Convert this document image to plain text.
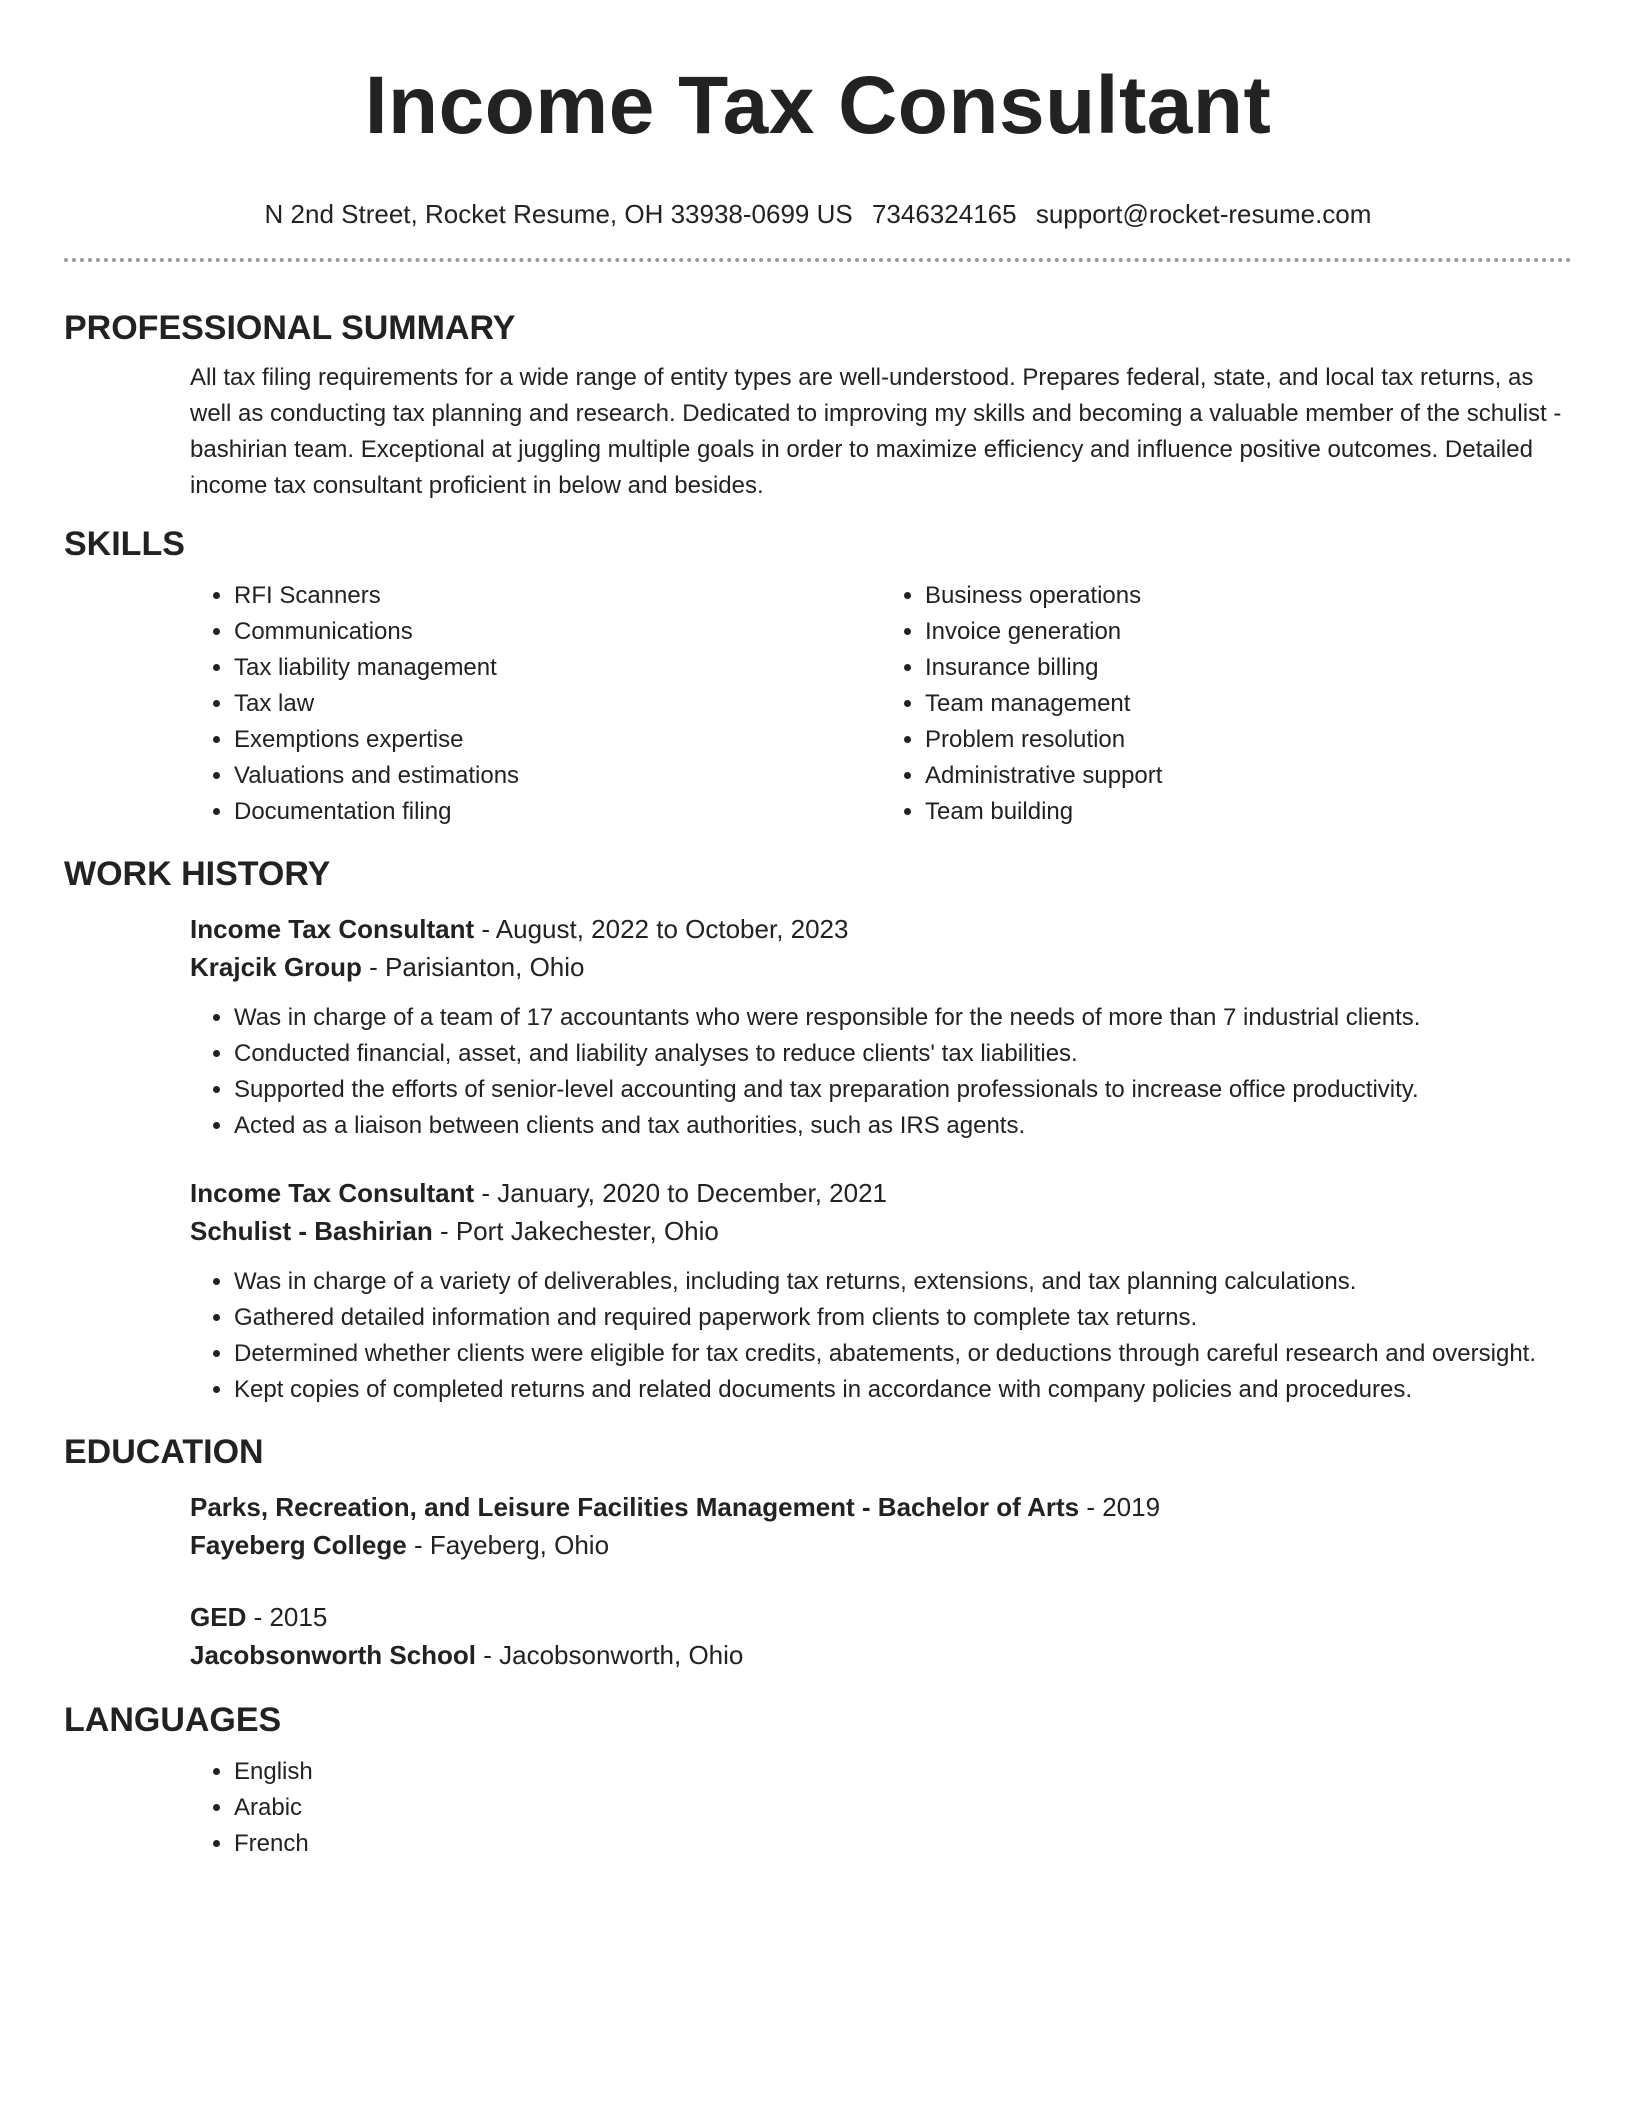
Income Tax Consultant
N 2nd Street, Rocket Resume, OH 33938-0699 US 7346324165 support@rocket-resume.com
PROFESSIONAL SUMMARY

All tax filing requirements for a wide range of entity types are well-understood. Prepares federal, state, and local tax returns, as well as conducting tax planning and research. Dedicated to improving my skills and becoming a valuable member of the schulist - bashirian team. Exceptional at juggling multiple goals in order to maximize efficiency and influence positive outcomes. Detailed income tax consultant proficient in below and besides.

SKILLS
• RFI Scanners
• Communications
• Tax liability management
• Tax law
• Exemptions expertise
• Valuations and estimations
• Documentation filing
• Business operations
• Invoice generation
• Insurance billing
• Team management
• Problem resolution
• Administrative support
• Team building
WORK HISTORY
Income Tax Consultant - August, 2022 to October, 2023
Krajcik Group - Parisianton, Ohio
• Was in charge of a team of 17 accountants who were responsible for the needs of more than 7 industrial clients.
• Conducted financial, asset, and liability analyses to reduce clients' tax liabilities.
• Supported the efforts of senior-level accounting and tax preparation professionals to increase office productivity.
• Acted as a liaison between clients and tax authorities, such as IRS agents.
Income Tax Consultant - January, 2020 to December, 2021
Schulist - Bashirian - Port Jakechester, Ohio
• Was in charge of a variety of deliverables, including tax returns, extensions, and tax planning calculations.
• Gathered detailed information and required paperwork from clients to complete tax returns.
• Determined whether clients were eligible for tax credits, abatements, or deductions through careful research and oversight.
• Kept copies of completed returns and related documents in accordance with company policies and procedures.
EDUCATION
Parks, Recreation, and Leisure Facilities Management - Bachelor of Arts - 2019
Fayeberg College - Fayeberg, Ohio
GED - 2015
Jacobsonworth School - Jacobsonworth, Ohio
LANGUAGES
• English
• Arabic
• French
